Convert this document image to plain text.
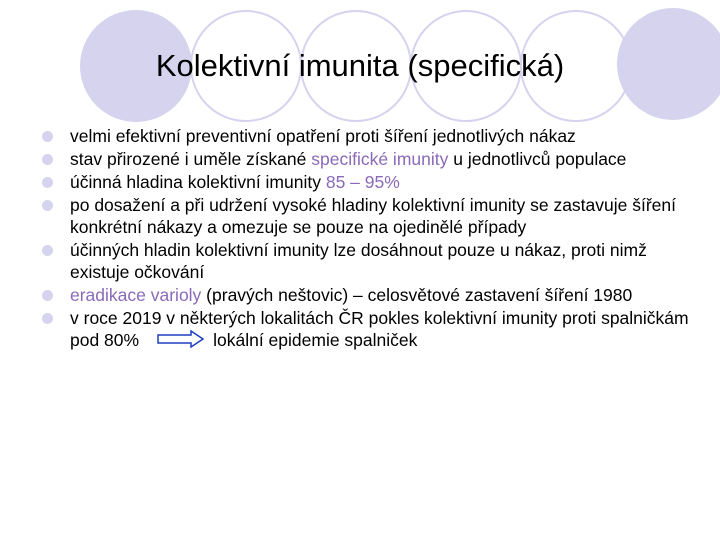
Kolektivní imunita (specifická)
velmi efektivní preventivní opatření proti šíření jednotlivých nákaz
stav přirozené i uměle získané specifické imunity u jednotlivců populace
účinná hladina kolektivní imunity 85 – 95%
po dosažení a při udržení vysoké hladiny kolektivní imunity se zastavuje šíření konkrétní nákazy a omezuje se pouze na ojedinělé případy
účinných hladin kolektivní imunity lze dosáhnout pouze u nákaz, proti nimž existuje očkování
eradikace varioly (pravých neštovic) – celosvětové zastavení šíření 1980
v roce 2019 v některých lokalitách ČR pokles kolektivní imunity proti spalničkám pod 80%	lokální epidemie spalniček
